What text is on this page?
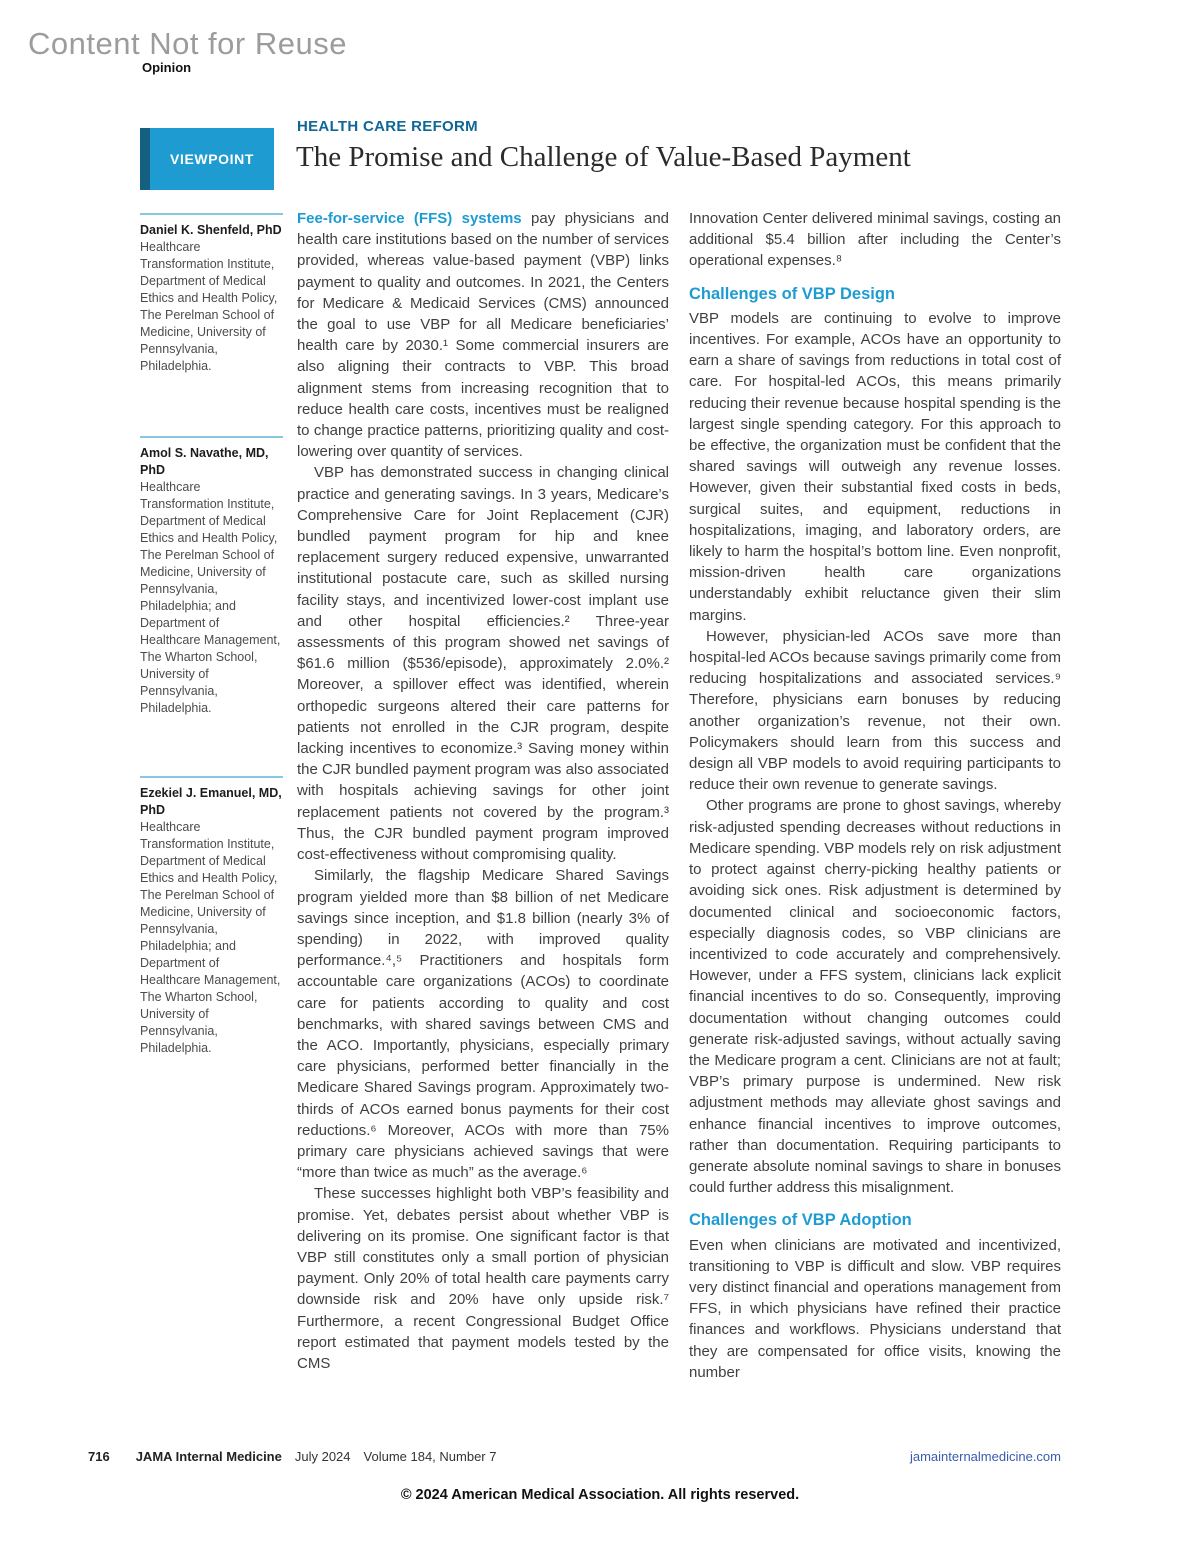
Content Not for Reuse
Opinion
VIEWPOINT
HEALTH CARE REFORM
The Promise and Challenge of Value-Based Payment
Daniel K. Shenfeld, PhD
Healthcare Transformation Institute, Department of Medical Ethics and Health Policy, The Perelman School of Medicine, University of Pennsylvania, Philadelphia.
Amol S. Navathe, MD, PhD
Healthcare Transformation Institute, Department of Medical Ethics and Health Policy, The Perelman School of Medicine, University of Pennsylvania, Philadelphia; and Department of Healthcare Management, The Wharton School, University of Pennsylvania, Philadelphia.
Ezekiel J. Emanuel, MD, PhD
Healthcare Transformation Institute, Department of Medical Ethics and Health Policy, The Perelman School of Medicine, University of Pennsylvania, Philadelphia; and Department of Healthcare Management, The Wharton School, University of Pennsylvania, Philadelphia.

Fee-for-service (FFS) systems pay physicians and health care institutions based on the number of services provided, whereas value-based payment (VBP) links payment to quality and outcomes. In 2021, the Centers for Medicare & Medicaid Services (CMS) announced the goal to use VBP for all Medicare beneficiaries’ health care by 2030.¹ Some commercial insurers are also aligning their contracts to VBP. This broad alignment stems from increasing recognition that to reduce health care costs, incentives must be realigned to change practice patterns, prioritizing quality and cost-lowering over quantity of services.

VBP has demonstrated success in changing clinical practice and generating savings. In 3 years, Medicare’s Comprehensive Care for Joint Replacement (CJR) bundled payment program for hip and knee replacement surgery reduced expensive, unwarranted institutional postacute care, such as skilled nursing facility stays, and incentivized lower-cost implant use and other hospital efficiencies.² Three-year assessments of this program showed net savings of $61.6 million ($536/episode), approximately 2.0%.² Moreover, a spillover effect was identified, wherein orthopedic surgeons altered their care patterns for patients not enrolled in the CJR program, despite lacking incentives to economize.³ Saving money within the CJR bundled payment program was also associated with hospitals achieving savings for other joint replacement patients not covered by the program.³ Thus, the CJR bundled payment program improved cost-effectiveness without compromising quality.

Similarly, the flagship Medicare Shared Savings program yielded more than $8 billion of net Medicare savings since inception, and $1.8 billion (nearly 3% of spending) in 2022, with improved quality performance.⁴,⁵ Practitioners and hospitals form accountable care organizations (ACOs) to coordinate care for patients according to quality and cost benchmarks, with shared savings between CMS and the ACO. Importantly, physicians, especially primary care physicians, performed better financially in the Medicare Shared Savings program. Approximately two-thirds of ACOs earned bonus payments for their cost reductions.⁶ Moreover, ACOs with more than 75% primary care physicians achieved savings that were “more than twice as much” as the average.⁶

These successes highlight both VBP’s feasibility and promise. Yet, debates persist about whether VBP is delivering on its promise. One significant factor is that VBP still constitutes only a small portion of physician payment. Only 20% of total health care payments carry downside risk and 20% have only upside risk.⁷ Furthermore, a recent Congressional Budget Office report estimated that payment models tested by the CMS

Innovation Center delivered minimal savings, costing an additional $5.4 billion after including the Center’s operational expenses.⁸

Challenges of VBP Design

VBP models are continuing to evolve to improve incentives. For example, ACOs have an opportunity to earn a share of savings from reductions in total cost of care. For hospital-led ACOs, this means primarily reducing their revenue because hospital spending is the largest single spending category. For this approach to be effective, the organization must be confident that the shared savings will outweigh any revenue losses. However, given their substantial fixed costs in beds, surgical suites, and equipment, reductions in hospitalizations, imaging, and laboratory orders, are likely to harm the hospital’s bottom line. Even nonprofit, mission-driven health care organizations understandably exhibit reluctance given their slim margins.

However, physician-led ACOs save more than hospital-led ACOs because savings primarily come from reducing hospitalizations and associated services.⁹ Therefore, physicians earn bonuses by reducing another organization’s revenue, not their own. Policymakers should learn from this success and design all VBP models to avoid requiring participants to reduce their own revenue to generate savings.

Other programs are prone to ghost savings, whereby risk-adjusted spending decreases without reductions in Medicare spending. VBP models rely on risk adjustment to protect against cherry-picking healthy patients or avoiding sick ones. Risk adjustment is determined by documented clinical and socioeconomic factors, especially diagnosis codes, so VBP clinicians are incentivized to code accurately and comprehensively. However, under a FFS system, clinicians lack explicit financial incentives to do so. Consequently, improving documentation without changing outcomes could generate risk-adjusted savings, without actually saving the Medicare program a cent. Clinicians are not at fault; VBP’s primary purpose is undermined. New risk adjustment methods may alleviate ghost savings and enhance financial incentives to improve outcomes, rather than documentation. Requiring participants to generate absolute nominal savings to share in bonuses could further address this misalignment.

Challenges of VBP Adoption

Even when clinicians are motivated and incentivized, transitioning to VBP is difficult and slow. VBP requires very distinct financial and operations management from FFS, in which physicians have refined their practice finances and workflows. Physicians understand that they are compensated for office visits, knowing the number

716 JAMA Internal Medicine July 2024 Volume 184, Number 7	jamainternalmedicine.com
© 2024 American Medical Association. All rights reserved.
